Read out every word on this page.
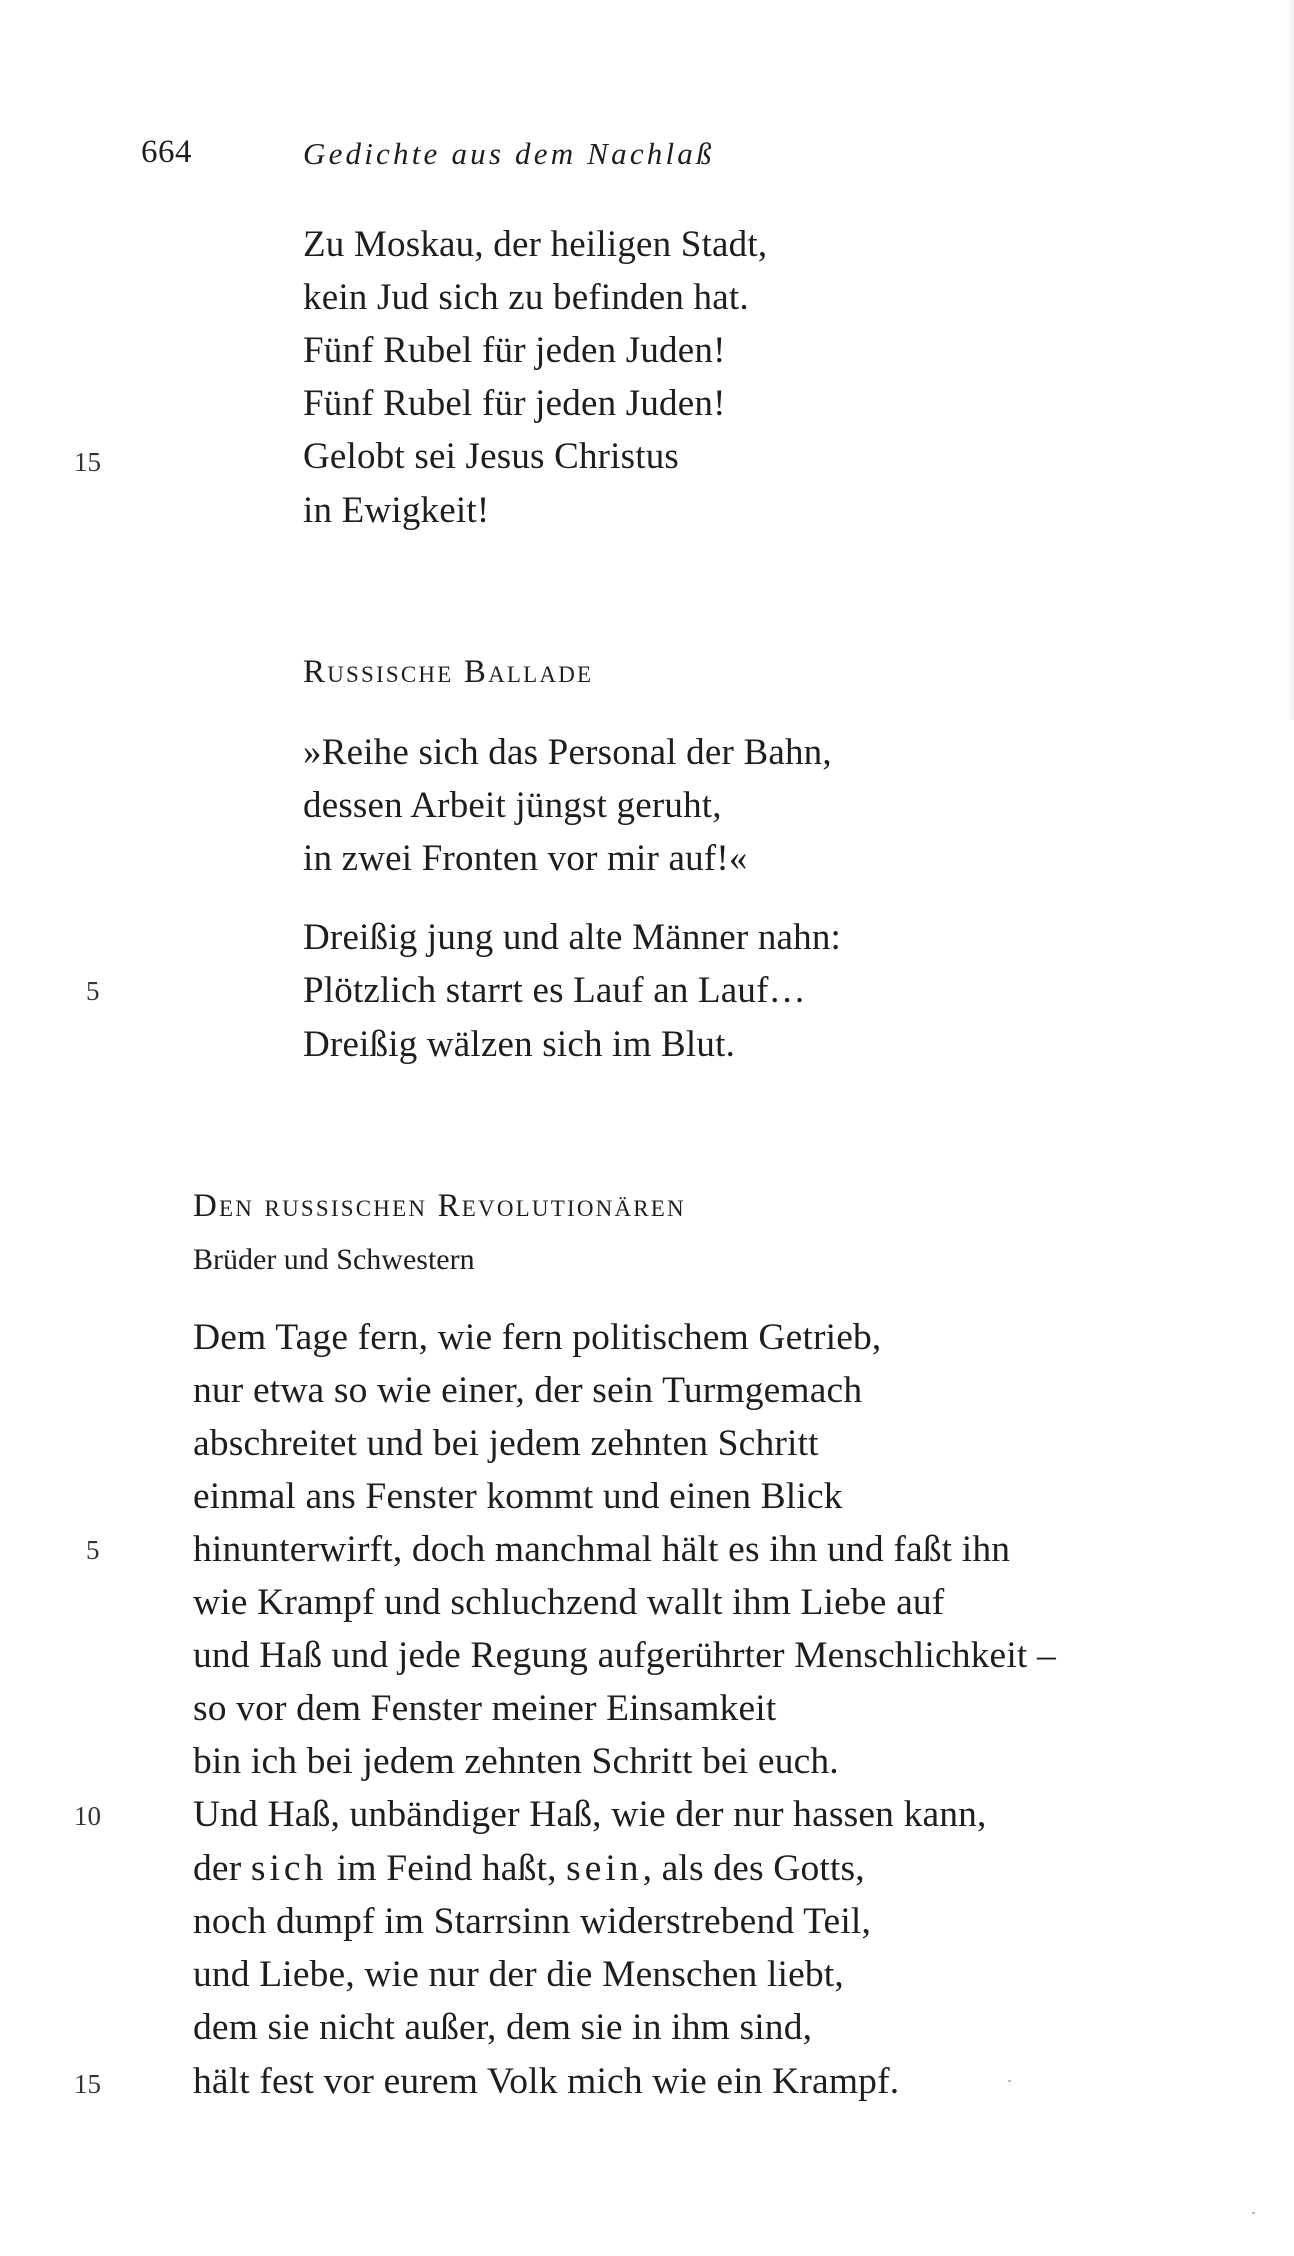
664	Gedichte aus dem Nachlaß
Zu Moskau, der heiligen Stadt,
kein Jud sich zu befinden hat.
Fünf Rubel für jeden Juden!
Fünf Rubel für jeden Juden!
Gelobt sei Jesus Christus
in Ewigkeit!
15
Russische Ballade
»Reihe sich das Personal der Bahn,
dessen Arbeit jüngst geruht,
in zwei Fronten vor mir auf!«
Dreißig jung und alte Männer nahn:
Plötzlich starrt es Lauf an Lauf…
Dreißig wälzen sich im Blut.
5
Den russischen Revolutionären
Brüder und Schwestern
Dem Tage fern, wie fern politischem Getrieb,
nur etwa so wie einer, der sein Turmgemach
abschreitet und bei jedem zehnten Schritt
einmal ans Fenster kommt und einen Blick
hinunterwirft, doch manchmal hält es ihn und faßt ihn
wie Krampf und schluchzend wallt ihm Liebe auf
und Haß und jede Regung aufgerührter Menschlichkeit –
so vor dem Fenster meiner Einsamkeit
bin ich bei jedem zehnten Schritt bei euch.
Und Haß, unbändiger Haß, wie der nur hassen kann,
der sich im Feind haßt, sein, als des Gotts,
noch dumpf im Starrsinn widerstrebend Teil,
und Liebe, wie nur der die Menschen liebt,
dem sie nicht außer, dem sie in ihm sind,
hält fest vor eurem Volk mich wie ein Krampf.
5
10
15
